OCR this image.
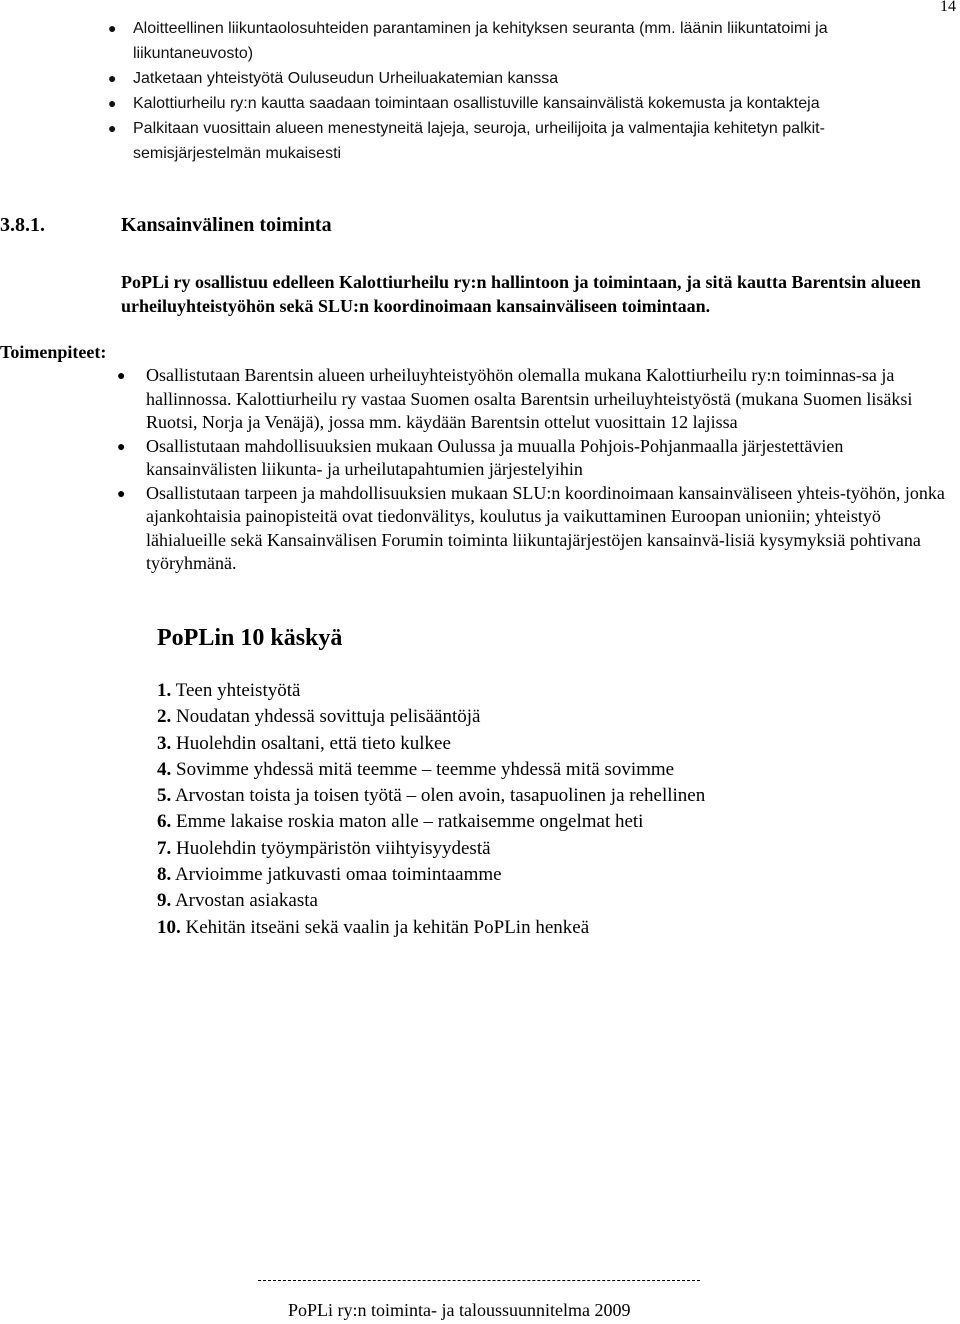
14
● Aloitteellinen liikuntaolosuhteiden parantaminen ja kehityksen seuranta (mm. läänin liikuntatoimi ja liikuntaneuvosto)
● Jatketaan yhteistyötä Ouluseudun Urheiluakatemian kanssa
● Kalottiurheilu ry:n kautta saadaan toimintaan osallistuville kansainvälistä kokemusta ja kontakteja
● Palkitaan vuosittain alueen menestyneitä lajeja, seuroja, urheilijoita ja valmentajia kehitetyn palkit-semisjärjestelmän mukaisesti
3.8.1.	Kansainvälinen toiminta
PoPLi ry osallistuu edelleen Kalottiurheilu ry:n hallintoon ja toimintaan, ja sitä kautta Barentsin alueen urheiluyhteistyöhön sekä SLU:n koordinoimaan kansainväliseen toimintaan.
Toimenpiteet:
● Osallistutaan Barentsin alueen urheiluyhteistyöhön olemalla mukana Kalottiurheilu ry:n toiminnas-sa ja hallinnossa. Kalottiurheilu ry vastaa Suomen osalta Barentsin urheiluyhteistyöstä (mukana Suomen lisäksi Ruotsi, Norja ja Venäjä), jossa mm. käydään Barentsin ottelut vuosittain 12 lajissa
● Osallistutaan mahdollisuuksien mukaan Oulussa ja muualla Pohjois-Pohjanmaalla järjestettävien kansainvälisten liikunta- ja urheilutapahtumien järjestelyihin
● Osallistutaan tarpeen ja mahdollisuuksien mukaan SLU:n koordinoimaan kansainväliseen yhteis-työhön, jonka ajankohtaisia painopisteitä ovat tiedonvälitys, koulutus ja vaikuttaminen Euroopan unioniin; yhteistyö lähialueille sekä Kansainvälisen Forumin toiminta liikuntajärjestöjen kansainvä-lisiä kysymyksiä pohtivana työryhmänä.
PoPLin 10 käskyä
1. Teen yhteistyötä
2. Noudatan yhdessä sovittuja pelisääntöjä
3. Huolehdin osaltani, että tieto kulkee
4. Sovimme yhdessä mitä teemme – teemme yhdessä mitä sovimme
5. Arvostan toista ja toisen työtä – olen avoin, tasapuolinen ja rehellinen
6. Emme lakaise roskia maton alle – ratkaisemme ongelmat heti
7. Huolehdin työympäristön viihtyisyydestä
8. Arvioimme jatkuvasti omaa toimintaamme
9. Arvostan asiakasta
10. Kehitän itseäni sekä vaalin ja kehitän PoPLin henkeä
PoPLi ry:n toiminta- ja taloussuunnitelma 2009
